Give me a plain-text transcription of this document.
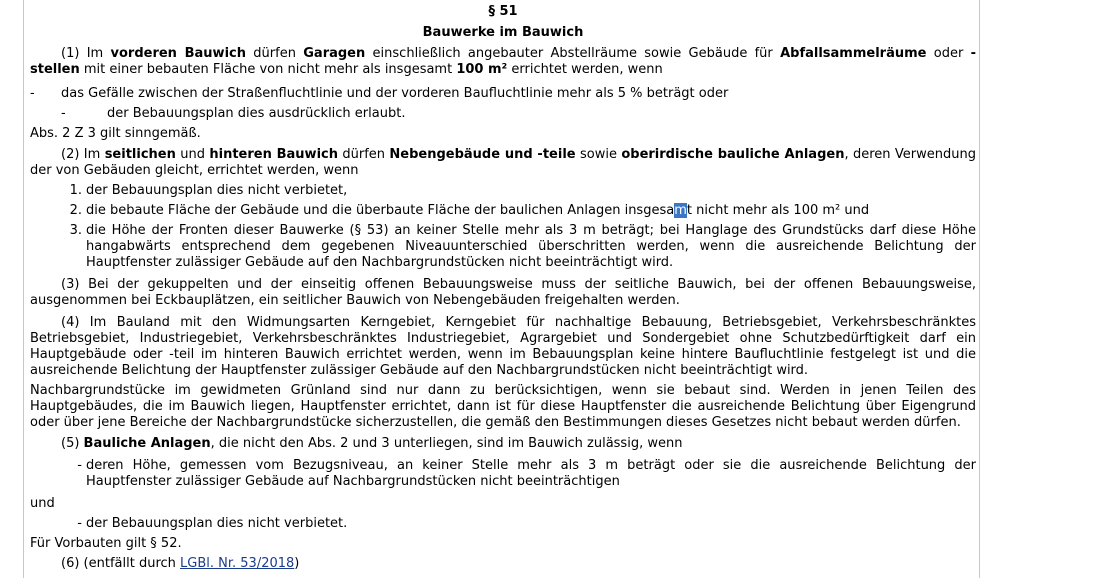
§ 51

Bauwerke im Bauwich

(1) Im vorderen Bauwich dürfen Garagen einschließlich angebauter Abstellräume sowie Gebäude für Abfallsammelräume oder -stellen mit einer bebauten Fläche von nicht mehr als insgesamt 100 m² errichtet werden, wenn

-	das Gefälle zwischen der Straßenfluchtlinie und der vorderen Baufluchtlinie mehr als 5 % beträgt oder
-	der Bebauungsplan dies ausdrücklich erlaubt.

Abs. 2 Z 3 gilt sinngemäß.

(2) Im seitlichen und hinteren Bauwich dürfen Nebengebäude und -teile sowie oberirdische bauliche Anlagen, deren Verwendung der von Gebäuden gleicht, errichtet werden, wenn

1. der Bebauungsplan dies nicht verbietet,
2. die bebaute Fläche der Gebäude und die überbaute Fläche der baulichen Anlagen insgesamt nicht mehr als 100 m² und
3. die Höhe der Fronten dieser Bauwerke (§ 53) an keiner Stelle mehr als 3 m beträgt; bei Hanglage des Grundstücks darf diese Höhe hangabwärts entsprechend dem gegebenen Niveauunterschied überschritten werden, wenn die ausreichende Belichtung der Hauptfenster zulässiger Gebäude auf den Nachbargrundstücken nicht beeinträchtigt wird.

(3) Bei der gekuppelten und der einseitig offenen Bebauungsweise muss der seitliche Bauwich, bei der offenen Bebauungsweise, ausgenommen bei Eckbauplätzen, ein seitlicher Bauwich von Nebengebäuden freigehalten werden.

(4) Im Bauland mit den Widmungsarten Kerngebiet, Kerngebiet für nachhaltige Bebauung, Betriebsgebiet, Verkehrsbeschränktes Betriebsgebiet, Industriegebiet, Verkehrsbeschränktes Industriegebiet, Agrargebiet und Sondergebiet ohne Schutzbedürftigkeit darf ein Hauptgebäude oder -teil im hinteren Bauwich errichtet werden, wenn im Bebauungsplan keine hintere Baufluchtlinie festgelegt ist und die ausreichende Belichtung der Hauptfenster zulässiger Gebäude auf den Nachbargrundstücken nicht beeinträchtigt wird.

Nachbargrundstücke im gewidmeten Grünland sind nur dann zu berücksichtigen, wenn sie bebaut sind. Werden in jenen Teilen des Hauptgebäudes, die im Bauwich liegen, Hauptfenster errichtet, dann ist für diese Hauptfenster die ausreichende Belichtung über Eigengrund oder über jene Bereiche der Nachbargrundstücke sicherzustellen, die gemäß den Bestimmungen dieses Gesetzes nicht bebaut werden dürfen.

(5) Bauliche Anlagen, die nicht den Abs. 2 und 3 unterliegen, sind im Bauwich zulässig, wenn

- deren Höhe, gemessen vom Bezugsniveau, an keiner Stelle mehr als 3 m beträgt oder sie die ausreichende Belichtung der Hauptfenster zulässiger Gebäude auf Nachbargrundstücken nicht beeinträchtigen

und

- der Bebauungsplan dies nicht verbietet.

Für Vorbauten gilt § 52.

(6) (entfällt durch LGBl. Nr. 53/2018)
